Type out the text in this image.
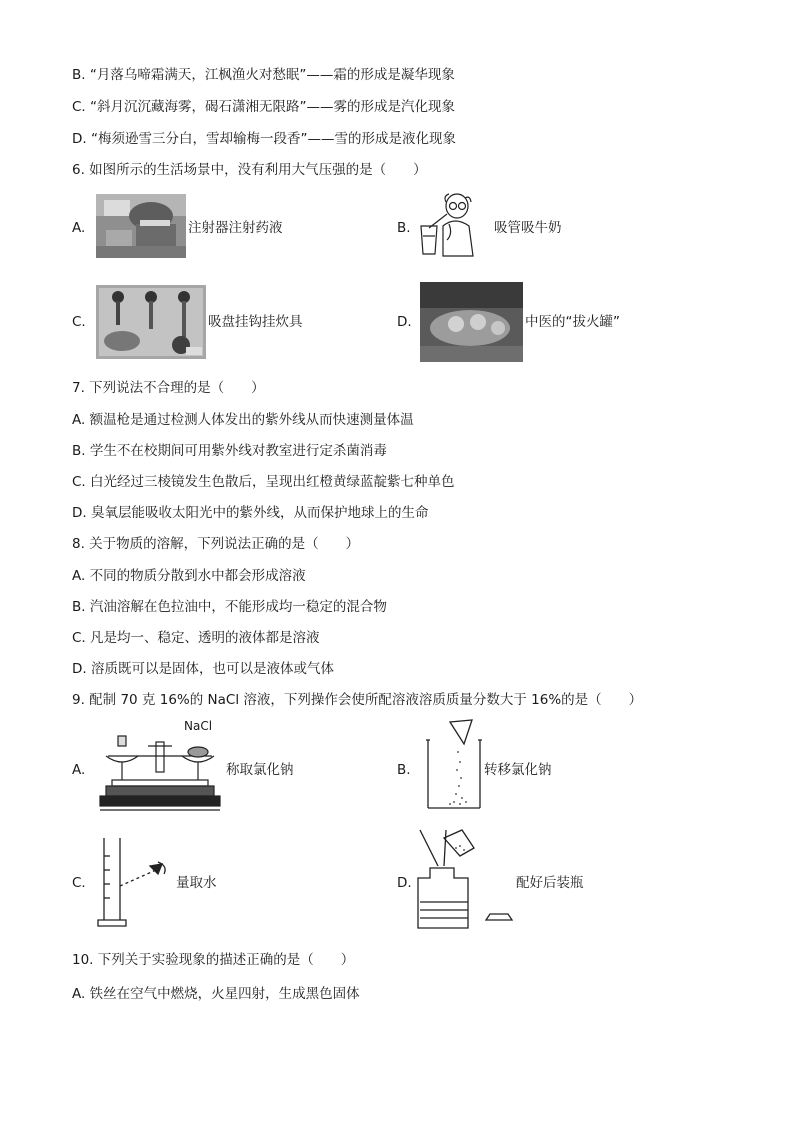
B. “月落乌啼霜满天，江枫渔火对愁眠”——霜的形成是凝华现象
C. “斜月沉沉藏海雾，碣石潇湘无限路”——雾的形成是汽化现象
D. “梅须逊雪三分白，雪却输梅一段香”——雪的形成是液化现象
6. 如图所示的生活场景中，没有利用大气压强的是（　　）
A.	注射器注射药液	B.	吸管吸牛奶
C.	吸盘挂钩挂炊具	D.	中医的“拔火罐”
7. 下列说法不合理的是（　　）
A. 额温枪是通过检测人体发出的紫外线从而快速测量体温
B. 学生不在校期间可用紫外线对教室进行定杀菌消毒
C. 白光经过三棱镜发生色散后，呈现出红橙黄绿蓝靛紫七种单色
D. 臭氧层能吸收太阳光中的紫外线，从而保护地球上的生命
8. 关于物质的溶解，下列说法正确的是（　　）
A. 不同的物质分散到水中都会形成溶液
B. 汽油溶解在色拉油中，不能形成均一稳定的混合物
C. 凡是均一、稳定、透明的液体都是溶液
D. 溶质既可以是固体，也可以是液体或气体
9. 配制 70 克 16%的 NaCl 溶液，下列操作会使所配溶液溶质质量分数大于 16%的是（　　）
A.
NaCl
称取氯化钠	B.	转移氯化钠
C.	量取水	D.	配好后装瓶
10. 下列关于实验现象的描述正确的是（　　）
A. 铁丝在空气中燃烧，火星四射，生成黑色固体
